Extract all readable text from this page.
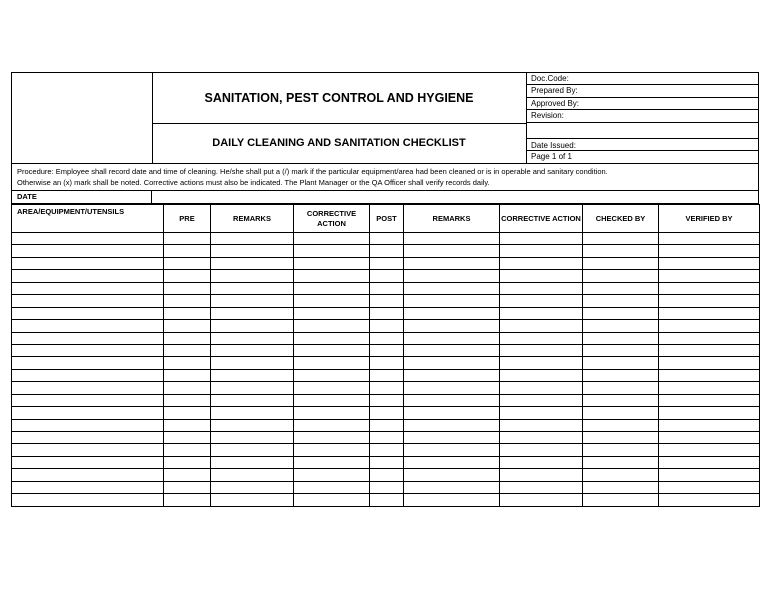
SANITATION, PEST CONTROL AND HYGIENE
DAILY CLEANING AND SANITATION CHECKLIST
Doc.Code:
Prepared By:
Approved By:
Revision:
Date Issued:
Page 1 of 1
Procedure: Employee shall record date and time of cleaning. He/she shall put a (/) mark if the particular equipment/area had been cleaned or is in operable and sanitary condition.
Otherwise an (x) mark shall be noted. Corrective actions must also be indicated. The Plant Manager or the QA Officer shall verify records daily.
DATE
AREA/EQUIPMENT/UTENSILS	PRE	REMARKS	CORRECTIVE ACTION	POST	REMARKS	CORRECTIVE ACTION	CHECKED BY	VERIFIED BY
